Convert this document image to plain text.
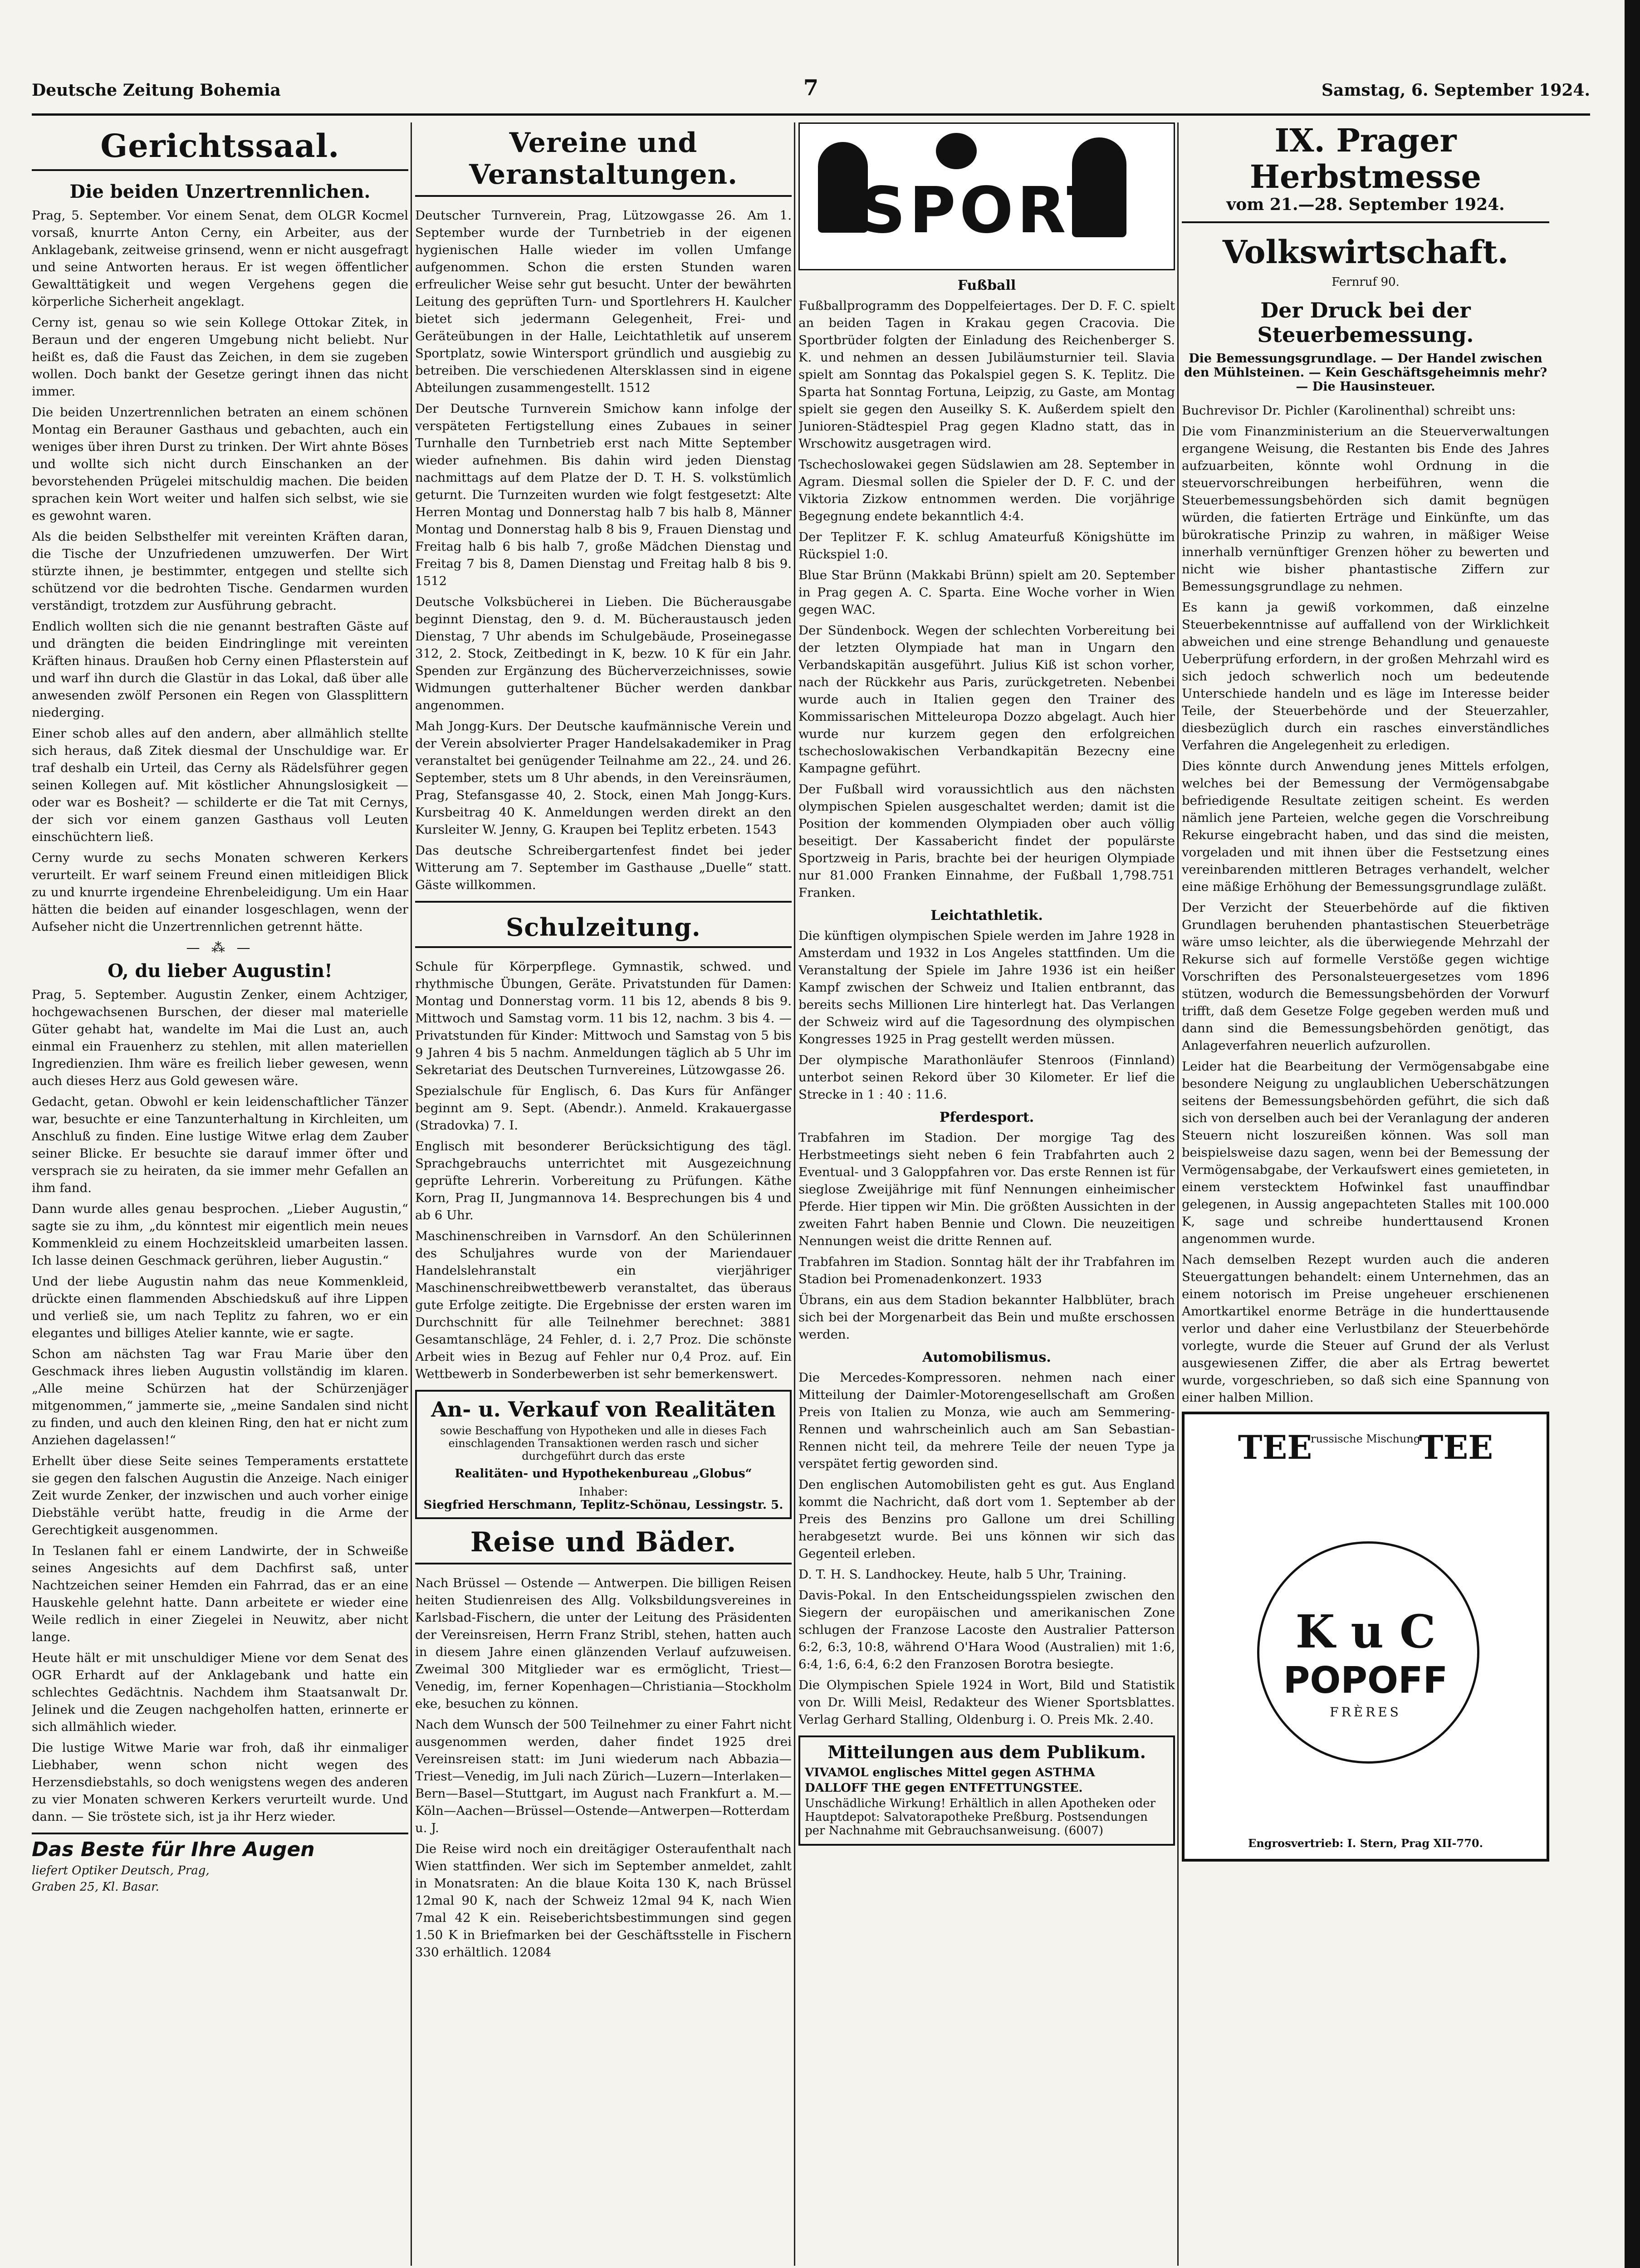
Deutsche Zeitung Bohemia	7	Samstag, 6. September 1924.
Gerichtssaal.
Die beiden Unzertrennlichen.

Prag, 5. September. Vor einem Senat, dem OLGR Kocmel vorsaß, knurrte Anton Cerny, ein Arbeiter, aus der Anklagebank, zeitweise grinsend, wenn er nicht ausgefragt und seine Antworten heraus. Er ist wegen öffentlicher Gewalttätigkeit und wegen Vergehens gegen die körperliche Sicherheit angeklagt.

Cerny ist, genau so wie sein Kollege Ottokar Zitek, in Beraun und der engeren Umgebung nicht beliebt. Nur heißt es, daß die Faust das Zeichen, in dem sie zugeben wollen. Doch bankt der Gesetze geringt ihnen das nicht immer.

Die beiden Unzertrennlichen betraten an einem schönen Montag ein Berauner Gasthaus und gebachten, auch ein weniges über ihren Durst zu trinken. Der Wirt ahnte Böses und wollte sich nicht durch Einschanken an der bevorstehenden Prügelei mitschuldig machen. Die beiden sprachen kein Wort weiter und halfen sich selbst, wie sie es gewohnt waren.

Als die beiden Selbsthelfer mit vereinten Kräften daran, die Tische der Unzufriedenen umzuwerfen. Der Wirt stürzte ihnen, je bestimmter, entgegen und stellte sich schützend vor die bedrohten Tische. Gendarmen wurden verständigt, trotzdem zur Ausführung gebracht.

Endlich wollten sich die nie genannt bestraften Gäste auf und drängten die beiden Eindringlinge mit vereinten Kräften hinaus. Draußen hob Cerny einen Pflasterstein auf und warf ihn durch die Glastür in das Lokal, daß über alle anwesenden zwölf Personen ein Regen von Glassplittern niederging.

Einer schob alles auf den andern, aber allmählich stellte sich heraus, daß Zitek diesmal der Unschuldige war. Er traf deshalb ein Urteil, das Cerny als Rädelsführer gegen seinen Kollegen auf. Mit köstlicher Ahnungslosigkeit — oder war es Bosheit? — schilderte er die Tat mit Cernys, der sich vor einem ganzen Gasthaus voll Leuten einschüchtern ließ.

Cerny wurde zu sechs Monaten schweren Kerkers verurteilt. Er warf seinem Freund einen mitleidigen Blick zu und knurrte irgendeine Ehrenbeleidigung. Um ein Haar hätten die beiden auf einander losgeschlagen, wenn der Aufseher nicht die Unzertrennlichen getrennt hätte.

— ⁂ —
O, du lieber Augustin!

Prag, 5. September. Augustin Zenker, einem Achtziger, hochgewachsenen Burschen, der dieser mal materielle Güter gehabt hat, wandelte im Mai die Lust an, auch einmal ein Frauenherz zu stehlen, mit allen materiellen Ingredienzien. Ihm wäre es freilich lieber gewesen, wenn auch dieses Herz aus Gold gewesen wäre.

Gedacht, getan. Obwohl er kein leidenschaftlicher Tänzer war, besuchte er eine Tanzunterhaltung in Kirchleiten, um Anschluß zu finden. Eine lustige Witwe erlag dem Zauber seiner Blicke. Er besuchte sie darauf immer öfter und versprach sie zu heiraten, da sie immer mehr Gefallen an ihm fand.

Dann wurde alles genau besprochen. „Lieber Augustin,“ sagte sie zu ihm, „du könntest mir eigentlich mein neues Kommenkleid zu einem Hochzeitskleid umarbeiten lassen. Ich lasse deinen Geschmack gerühren, lieber Augustin.“

Und der liebe Augustin nahm das neue Kommenkleid, drückte einen flammenden Abschiedskuß auf ihre Lippen und verließ sie, um nach Teplitz zu fahren, wo er ein elegantes und billiges Atelier kannte, wie er sagte.

Schon am nächsten Tag war Frau Marie über den Geschmack ihres lieben Augustin vollständig im klaren. „Alle meine Schürzen hat der Schürzenjäger mitgenommen,“ jammerte sie, „meine Sandalen sind nicht zu finden, und auch den kleinen Ring, den hat er nicht zum Anziehen dagelassen!“

Erhellt über diese Seite seines Temperaments erstattete sie gegen den falschen Augustin die Anzeige. Nach einiger Zeit wurde Zenker, der inzwischen und auch vorher einige Diebstähle verübt hatte, freudig in die Arme der Gerechtigkeit ausgenommen.

In Teslanen fahl er einem Landwirte, der in Schweiße seines Angesichts auf dem Dachfirst saß, unter Nachtzeichen seiner Hemden ein Fahrrad, das er an eine Hauskehle gelehnt hatte. Dann arbeitete er wieder eine Weile redlich in einer Ziegelei in Neuwitz, aber nicht lange.

Heute hält er mit unschuldiger Miene vor dem Senat des OGR Erhardt auf der Anklagebank und hatte ein schlechtes Gedächtnis. Nachdem ihm Staatsanwalt Dr. Jelinek und die Zeugen nachgeholfen hatten, erinnerte er sich allmählich wieder.

Die lustige Witwe Marie war froh, daß ihr einmaliger Liebhaber, wenn schon nicht wegen des Herzensdiebstahls, so doch wenigstens wegen des anderen zu vier Monaten schweren Kerkers verurteilt wurde. Und dann. — Sie tröstete sich, ist ja ihr Herz wieder.

Das Beste für Ihre Augen
liefert Optiker Deutsch, Prag,
Graben 25, Kl. Basar.
Vereine und Veranstaltungen.

Deutscher Turnverein, Prag, Lützowgasse 26. Am 1. September wurde der Turnbetrieb in der eigenen hygienischen Halle wieder im vollen Umfange aufgenommen. Schon die ersten Stunden waren erfreulicher Weise sehr gut besucht. Unter der bewährten Leitung des geprüften Turn- und Sportlehrers H. Kaulcher bietet sich jedermann Gelegenheit, Frei- und Geräteübungen in der Halle, Leichtathletik auf unserem Sportplatz, sowie Wintersport gründlich und ausgiebig zu betreiben. Die verschiedenen Altersklassen sind in eigene Abteilungen zusammengestellt. 1512

Der Deutsche Turnverein Smichow kann infolge der verspäteten Fertigstellung eines Zubaues in seiner Turnhalle den Turnbetrieb erst nach Mitte September wieder aufnehmen. Bis dahin wird jeden Dienstag nachmittags auf dem Platze der D. T. H. S. volkstümlich geturnt. Die Turnzeiten wurden wie folgt festgesetzt: Alte Herren Montag und Donnerstag halb 7 bis halb 8, Männer Montag und Donnerstag halb 8 bis 9, Frauen Dienstag und Freitag halb 6 bis halb 7, große Mädchen Dienstag und Freitag 7 bis 8, Damen Dienstag und Freitag halb 8 bis 9. 1512

Deutsche Volksbücherei in Lieben. Die Bücherausgabe beginnt Dienstag, den 9. d. M. Bücheraustausch jeden Dienstag, 7 Uhr abends im Schulgebäude, Proseinegasse 312, 2. Stock, Zeitbedingt in K, bezw. 10 K für ein Jahr. Spenden zur Ergänzung des Bücherverzeichnisses, sowie Widmungen gutterhaltener Bücher werden dankbar angenommen.

Mah Jongg-Kurs. Der Deutsche kaufmännische Verein und der Verein absolvierter Prager Handelsakademiker in Prag veranstaltet bei genügender Teilnahme am 22., 24. und 26. September, stets um 8 Uhr abends, in den Vereinsräumen, Prag, Stefansgasse 40, 2. Stock, einen Mah Jongg-Kurs. Kursbeitrag 40 K. Anmeldungen werden direkt an den Kursleiter W. Jenny, G. Kraupen bei Teplitz erbeten. 1543

Das deutsche Schreibergartenfest findet bei jeder Witterung am 7. September im Gasthause „Duelle“ statt. Gäste willkommen.

Schulzeitung.

Schule für Körperpflege. Gymnastik, schwed. und rhythmische Übungen, Geräte. Privatstunden für Damen: Montag und Donnerstag vorm. 11 bis 12, abends 8 bis 9. Mittwoch und Samstag vorm. 11 bis 12, nachm. 3 bis 4. — Privatstunden für Kinder: Mittwoch und Samstag von 5 bis 9 Jahren 4 bis 5 nachm. Anmeldungen täglich ab 5 Uhr im Sekretariat des Deutschen Turnvereines, Lützowgasse 26.

Spezialschule für Englisch, 6. Das Kurs für Anfänger beginnt am 9. Sept. (Abendr.). Anmeld. Krakauergasse (Stradovka) 7. I.

Englisch mit besonderer Berücksichtigung des tägl. Sprachgebrauchs unterrichtet mit Ausgezeichnung geprüfte Lehrerin. Vorbereitung zu Prüfungen. Käthe Korn, Prag II, Jungmannova 14. Besprechungen bis 4 und ab 6 Uhr.

Maschinenschreiben in Varnsdorf. An den Schülerinnen des Schuljahres wurde von der Mariendauer Handelslehranstalt ein vierjähriger Maschinenschreibwettbewerb veranstaltet, das überaus gute Erfolge zeitigte. Die Ergebnisse der ersten waren im Durchschnitt für alle Teilnehmer berechnet: 3881 Gesamtanschläge, 24 Fehler, d. i. 2,7 Proz. Die schönste Arbeit wies in Bezug auf Fehler nur 0,4 Proz. auf. Ein Wettbewerb in Sonderbewerben ist sehr bemerkenswert.

An- u. Verkauf von Realitäten
sowie Beschaffung von Hypotheken und alle in dieses Fach einschlagenden Transaktionen werden rasch und sicher durchgeführt durch das erste
Realitäten- und Hypothekenbureau „Globus“
Inhaber:
Siegfried Herschmann, Teplitz-Schönau, Lessingstr. 5.
Reise und Bäder.

Nach Brüssel — Ostende — Antwerpen. Die billigen Reisen heiten Studienreisen des Allg. Volksbildungsvereines in Karlsbad-Fischern, die unter der Leitung des Präsidenten der Vereinsreisen, Herrn Franz Stribl, stehen, hatten auch in diesem Jahre einen glänzenden Verlauf aufzuweisen. Zweimal 300 Mitglieder war es ermöglicht, Triest—Venedig, im, ferner Kopenhagen—Christiania—Stockholm eke, besuchen zu können.

Nach dem Wunsch der 500 Teilnehmer zu einer Fahrt nicht ausgenommen werden, daher findet 1925 drei Vereinsreisen statt: im Juni wiederum nach Abbazia—Triest—Venedig, im Juli nach Zürich—Luzern—Interlaken—Bern—Basel—Stuttgart, im August nach Frankfurt a. M.—Köln—Aachen—Brüssel—Ostende—Antwerpen—Rotterdam u. J.

Die Reise wird noch ein dreitägiger Osteraufenthalt nach Wien stattfinden. Wer sich im September anmeldet, zahlt in Monatsraten: An die blaue Koita 130 K, nach Brüssel 12mal 90 K, nach der Schweiz 12mal 94 K, nach Wien 7mal 42 K ein. Reiseberichtsbestimmungen sind gegen 1.50 K in Briefmarken bei der Geschäftsstelle in Fischern 330 erhältlich. 12084

SPORT
Fußball

Fußballprogramm des Doppelfeiertages. Der D. F. C. spielt an beiden Tagen in Krakau gegen Cracovia. Die Sportbrüder folgten der Einladung des Reichenberger S. K. und nehmen an dessen Jubiläumsturnier teil. Slavia spielt am Sonntag das Pokalspiel gegen S. K. Teplitz. Die Sparta hat Sonntag Fortuna, Leipzig, zu Gaste, am Montag spielt sie gegen den Auseilky S. K. Außerdem spielt den Junioren-Städtespiel Prag gegen Kladno statt, das in Wrschowitz ausgetragen wird.

Tschechoslowakei gegen Südslawien am 28. September in Agram. Diesmal sollen die Spieler der D. F. C. und der Viktoria Zizkow entnommen werden. Die vorjährige Begegnung endete bekanntlich 4:4.

Der Teplitzer F. K. schlug Amateurfuß Königshütte im Rückspiel 1:0.

Blue Star Brünn (Makkabi Brünn) spielt am 20. September in Prag gegen A. C. Sparta. Eine Woche vorher in Wien gegen WAC.

Der Sündenbock. Wegen der schlechten Vorbereitung bei der letzten Olympiade hat man in Ungarn den Verbandskapitän ausgeführt. Julius Kiß ist schon vorher, nach der Rückkehr aus Paris, zurückgetreten. Nebenbei wurde auch in Italien gegen den Trainer des Kommissarischen Mitteleuropa Dozzo abgelagt. Auch hier wurde nur kurzem gegen den erfolgreichen tschechoslowakischen Verbandkapitän Bezecny eine Kampagne geführt.

Der Fußball wird voraussichtlich aus den nächsten olympischen Spielen ausgeschaltet werden; damit ist die Position der kommenden Olympiaden ober auch völlig beseitigt. Der Kassabericht findet der populärste Sportzweig in Paris, brachte bei der heurigen Olympiade nur 81.000 Franken Einnahme, der Fußball 1,798.751 Franken.

Leichtathletik.

Die künftigen olympischen Spiele werden im Jahre 1928 in Amsterdam und 1932 in Los Angeles stattfinden. Um die Veranstaltung der Spiele im Jahre 1936 ist ein heißer Kampf zwischen der Schweiz und Italien entbrannt, das bereits sechs Millionen Lire hinterlegt hat. Das Verlangen der Schweiz wird auf die Tagesordnung des olympischen Kongresses 1925 in Prag gestellt werden müssen.

Der olympische Marathonläufer Stenroos (Finnland) unterbot seinen Rekord über 30 Kilometer. Er lief die Strecke in 1 : 40 : 11.6.

Pferdesport.

Trabfahren im Stadion. Der morgige Tag des Herbstmeetings sieht neben 6 fein Trabfahrten auch 2 Eventual- und 3 Galoppfahren vor. Das erste Rennen ist für sieglose Zweijährige mit fünf Nennungen einheimischer Pferde. Hier tippen wir Min. Die größten Aussichten in der zweiten Fahrt haben Bennie und Clown. Die neuzeitigen Nennungen weist die dritte Rennen auf.

Trabfahren im Stadion. Sonntag hält der ihr Trabfahren im Stadion bei Promenadenkonzert. 1933

Übrans, ein aus dem Stadion bekannter Halbblüter, brach sich bei der Morgenarbeit das Bein und mußte erschossen werden.

Automobilismus.

Die Mercedes-Kompressoren. nehmen nach einer Mitteilung der Daimler-Motorengesellschaft am Großen Preis von Italien zu Monza, wie auch am Semmering-Rennen und wahrscheinlich auch am San Sebastian-Rennen nicht teil, da mehrere Teile der neuen Type ja verspätet fertig geworden sind.

Den englischen Automobilisten geht es gut. Aus England kommt die Nachricht, daß dort vom 1. September ab der Preis des Benzins pro Gallone um drei Schilling herabgesetzt wurde. Bei uns können wir sich das Gegenteil erleben.

D. T. H. S. Landhockey. Heute, halb 5 Uhr, Training.

Davis-Pokal. In den Entscheidungsspielen zwischen den Siegern der europäischen und amerikanischen Zone schlugen der Franzose Lacoste den Australier Patterson 6:2, 6:3, 10:8, während O'Hara Wood (Australien) mit 1:6, 6:4, 1:6, 6:4, 6:2 den Franzosen Borotra besiegte.

Die Olympischen Spiele 1924 in Wort, Bild und Statistik von Dr. Willi Meisl, Redakteur des Wiener Sportsblattes. Verlag Gerhard Stalling, Oldenburg i. O. Preis Mk. 2.40.

Mitteilungen aus dem Publikum.
VIVAMOL englisches Mittel gegen ASTHMA
DALLOFF THE gegen ENTFETTUNGSTEE.
Unschädliche Wirkung! Erhältlich in allen Apotheken oder Hauptdepot: Salvatorapotheke Preßburg. Postsendungen per Nachnahme mit Gebrauchsanweisung. (6007)
IX. Prager Herbstmesse
vom 21.—28. September 1924.
Volkswirtschaft.
Fernruf 90.
Der Druck bei der Steuerbemessung.
Die Bemessungsgrundlage. — Der Handel zwischen den Mühlsteinen. — Kein Geschäftsgeheimnis mehr? — Die Hausinsteuer.

Buchrevisor Dr. Pichler (Karolinenthal) schreibt uns:

Die vom Finanzministerium an die Steuerverwaltungen ergangene Weisung, die Restanten bis Ende des Jahres aufzuarbeiten, könnte wohl Ordnung in die steuervorschreibungen herbeiführen, wenn die Steuerbemessungsbehörden sich damit begnügen würden, die fatierten Erträge und Einkünfte, um das bürokratische Prinzip zu wahren, in mäßiger Weise innerhalb vernünftiger Grenzen höher zu bewerten und nicht wie bisher phantastische Ziffern zur Bemessungsgrundlage zu nehmen.

Es kann ja gewiß vorkommen, daß einzelne Steuerbekenntnisse auf auffallend von der Wirklichkeit abweichen und eine strenge Behandlung und genaueste Ueberprüfung erfordern, in der großen Mehrzahl wird es sich jedoch schwerlich noch um bedeutende Unterschiede handeln und es läge im Interesse beider Teile, der Steuerbehörde und der Steuerzahler, diesbezüglich durch ein rasches einverständliches Verfahren die Angelegenheit zu erledigen.

Dies könnte durch Anwendung jenes Mittels erfolgen, welches bei der Bemessung der Vermögensabgabe befriedigende Resultate zeitigen scheint. Es werden nämlich jene Parteien, welche gegen die Vorschreibung Rekurse eingebracht haben, und das sind die meisten, vorgeladen und mit ihnen über die Festsetzung eines vereinbarenden mittleren Betrages verhandelt, welcher eine mäßige Erhöhung der Bemessungsgrundlage zuläßt.

Der Verzicht der Steuerbehörde auf die fiktiven Grundlagen beruhenden phantastischen Steuerbeträge wäre umso leichter, als die überwiegende Mehrzahl der Rekurse sich auf formelle Verstöße gegen wichtige Vorschriften des Personalsteuergesetzes vom 1896 stützen, wodurch die Bemessungsbehörden der Vorwurf trifft, daß dem Gesetze Folge gegeben werden muß und dann sind die Bemessungsbehörden genötigt, das Anlageverfahren neuerlich aufzurollen.

Leider hat die Bearbeitung der Vermögensabgabe eine besondere Neigung zu unglaublichen Ueberschätzungen seitens der Bemessungsbehörden geführt, die sich daß sich von derselben auch bei der Veranlagung der anderen Steuern nicht loszureißen können. Was soll man beispielsweise dazu sagen, wenn bei der Bemessung der Vermögensabgabe, der Verkaufswert eines gemieteten, in einem verstecktem Hofwinkel fast unauffindbar gelegenen, in Aussig angepachteten Stalles mit 100.000 K, sage und schreibe hunderttausend Kronen angenommen wurde.

Nach demselben Rezept wurden auch die anderen Steuergattungen behandelt: einem Unternehmen, das an einem notorisch im Preise ungeheuer erschienenen Amortkartikel enorme Beträge in die hunderttausende verlor und daher eine Verlustbilanz der Steuerbehörde vorlegte, wurde die Steuer auf Grund der als Verlust ausgewiesenen Ziffer, die aber als Ertrag bewertet wurde, vorgeschrieben, so daß sich eine Spannung von einer halben Million.

TEE	TEE
russische Mischung
K u C
POPOFF
FRÈRES
Engrosvertrieb: I. Stern, Prag XII-770.
